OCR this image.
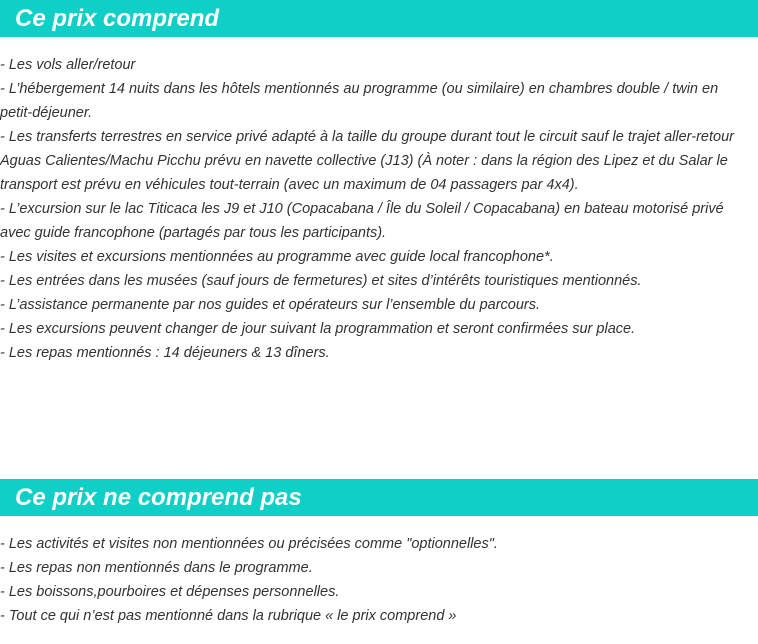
Ce prix comprend
- Les vols aller/retour
- L’hébergement 14 nuits dans les hôtels mentionnés au programme (ou similaire) en chambres double / twin en petit-déjeuner.
- Les transferts terrestres en service privé adapté à la taille du groupe durant tout le circuit sauf le trajet aller-retour Aguas Calientes/Machu Picchu prévu en navette collective (J13) (À noter : dans la région des Lipez et du Salar le transport est prévu en véhicules tout-terrain (avec un maximum de 04 passagers par 4x4).
- L’excursion sur le lac Titicaca les J9 et J10 (Copacabana / Île du Soleil / Copacabana) en bateau motorisé privé avec guide francophone (partagés par tous les participants).
- Les visites et excursions mentionnées au programme avec guide local francophone*.
- Les entrées dans les musées (sauf jours de fermetures) et sites d’intérêts touristiques mentionnés.
- L’assistance permanente par nos guides et opérateurs sur l’ensemble du parcours.
- Les excursions peuvent changer de jour suivant la programmation et seront confirmées sur place.
- Les repas mentionnés : 14 déjeuners & 13 dîners.
Ce prix ne comprend pas
- Les activités et visites non mentionnées ou précisées comme "optionnelles".
- Les repas non mentionnés dans le programme.
- Les boissons,pourboires et dépenses personnelles.
- Tout ce qui n’est pas mentionné dans la rubrique « le prix comprend »
